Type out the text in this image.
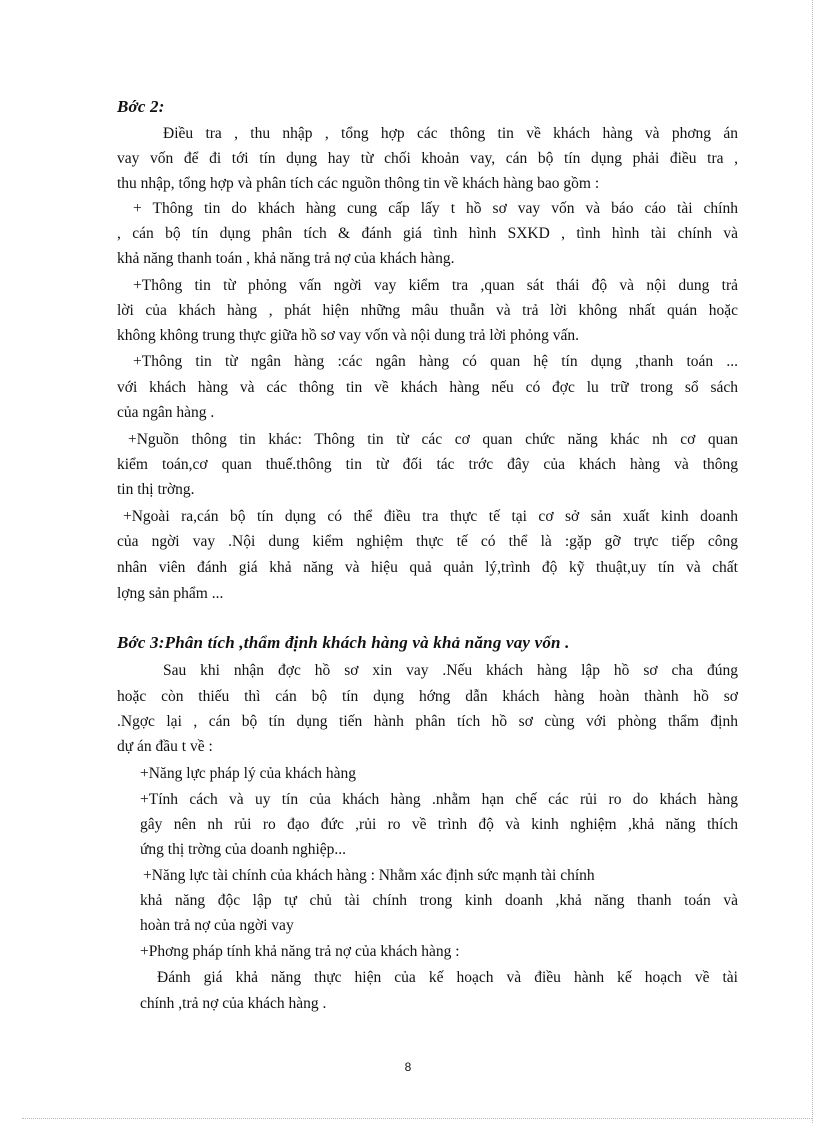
Bớc 2:
Điều tra , thu nhập , tổng hợp các thông tin về khách hàng và phơng án
vay vốn để đi tới tín dụng hay từ chối khoản vay, cán bộ tín dụng phải điều tra ,
thu nhập, tổng hợp và phân tích các nguồn thông tin về khách hàng bao gồm :
+ Thông tin do khách hàng cung cấp lấy t hồ sơ vay vốn và báo cáo tài chính
, cán bộ tín dụng phân tích & đánh giá tình hình SXKD , tình hình tài chính và
khả năng thanh toán , khả năng trả nợ của khách hàng.
+Thông tin từ phỏng vấn ngời vay kiểm tra ,quan sát thái độ và nội dung trả
lời của khách hàng , phát hiện những mâu thuẫn và trả lời không nhất quán hoặc
không không trung thực giữa hồ sơ vay vốn và nội dung trả lời phỏng vấn.
+Thông tin từ ngân hàng :các ngân hàng có quan hệ tín dụng ,thanh toán ...
với khách hàng và các thông tin về khách hàng nếu có đợc lu trữ trong sổ sách
của ngân hàng .
+Nguồn thông tin khác: Thông tin từ các cơ quan chức năng khác nh cơ quan
kiểm toán,cơ quan thuế.thông tin từ đối tác trớc đây của khách hàng và thông
tin thị trờng.
+Ngoài ra,cán bộ tín dụng có thể điều tra thực tế tại cơ sở sản xuất kinh doanh
của ngời vay .Nội dung kiểm nghiệm thực tế có thể là :gặp gỡ trực tiếp công
nhân viên đánh giá khả năng và hiệu quả quản lý,trình độ kỹ thuật,uy tín và chất
lợng sản phẩm ...
Bớc 3:Phân tích ,thẩm định khách hàng và khả năng vay vốn .
Sau khi nhận đợc hồ sơ xin vay .Nếu khách hàng lập hồ sơ cha đúng
hoặc còn thiếu thì cán bộ tín dụng hớng dẫn khách hàng hoàn thành hồ sơ
.Ngợc lại , cán bộ tín dụng tiến hành phân tích hồ sơ cùng với phòng thẩm định
dự án đầu t về :
+Năng lực pháp lý của khách hàng
+Tính cách và uy tín của khách hàng .nhằm hạn chế các rủi ro do khách hàng
gây nên nh rủi ro đạo đức ,rủi ro về trình độ và kinh nghiệm ,khả năng thích
ứng thị trờng của doanh nghiệp...
+Năng lực tài chính của khách hàng : Nhằm xác định sức mạnh tài chính
khả năng độc lập tự chủ tài chính trong kinh doanh ,khả năng thanh toán và
hoàn trả nợ của ngời vay
+Phơng pháp tính khả năng trả nợ của khách hàng :
Đánh giá khả năng thực hiện của kế hoạch và điều hành kế hoạch về tài
chính ,trả nợ của khách hàng .
8
